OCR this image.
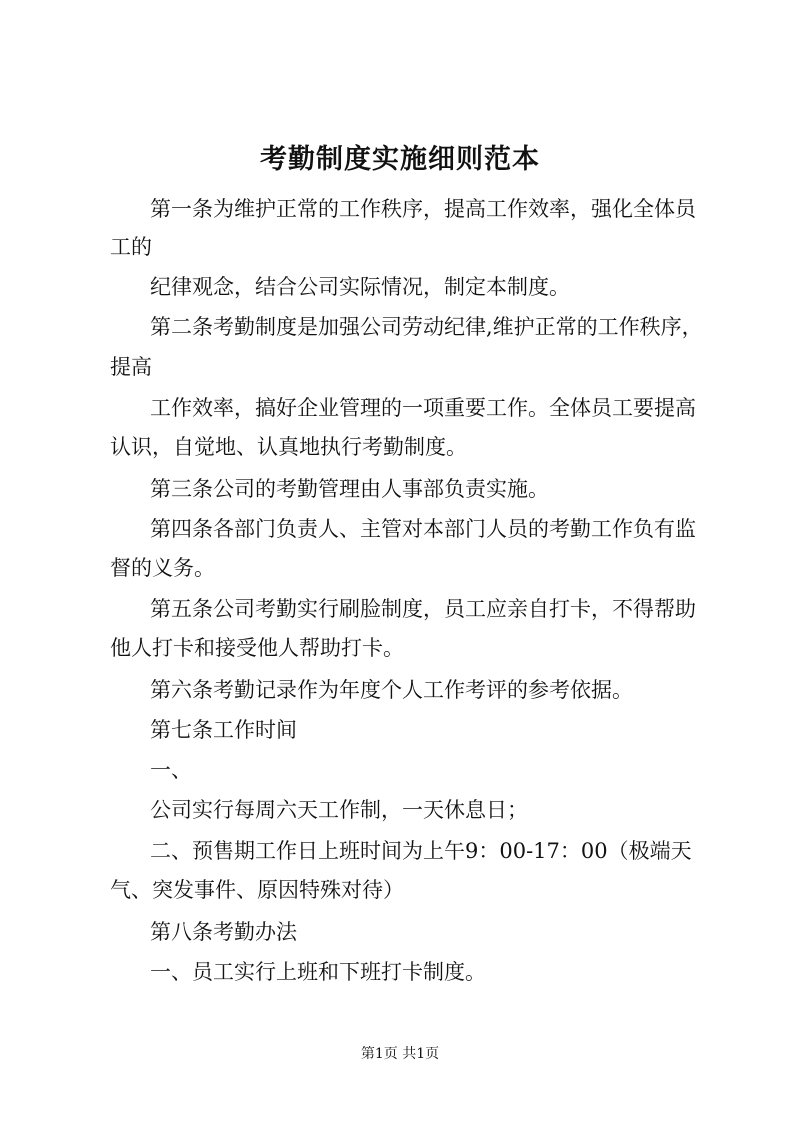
考勤制度实施细则范本

第一条为维护正常的工作秩序，提高工作效率，强化全体员

工的

纪律观念，结合公司实际情况，制定本制度。

第二条考勤制度是加强公司劳动纪律,维护正常的工作秩序，

提高

工作效率，搞好企业管理的一项重要工作。全体员工要提高

认识，自觉地、认真地执行考勤制度。

第三条公司的考勤管理由人事部负责实施。

第四条各部门负责人、主管对本部门人员的考勤工作负有监

督的义务。

第五条公司考勤实行刷脸制度，员工应亲自打卡，不得帮助

他人打卡和接受他人帮助打卡。

第六条考勤记录作为年度个人工作考评的参考依据。

第七条工作时间

一、

公司实行每周六天工作制，一天休息日；

二、预售期工作日上班时间为上午9：00-17：00（极端天

气、突发事件、原因特殊对待）

第八条考勤办法

一、员工实行上班和下班打卡制度。

第1页 共1页
